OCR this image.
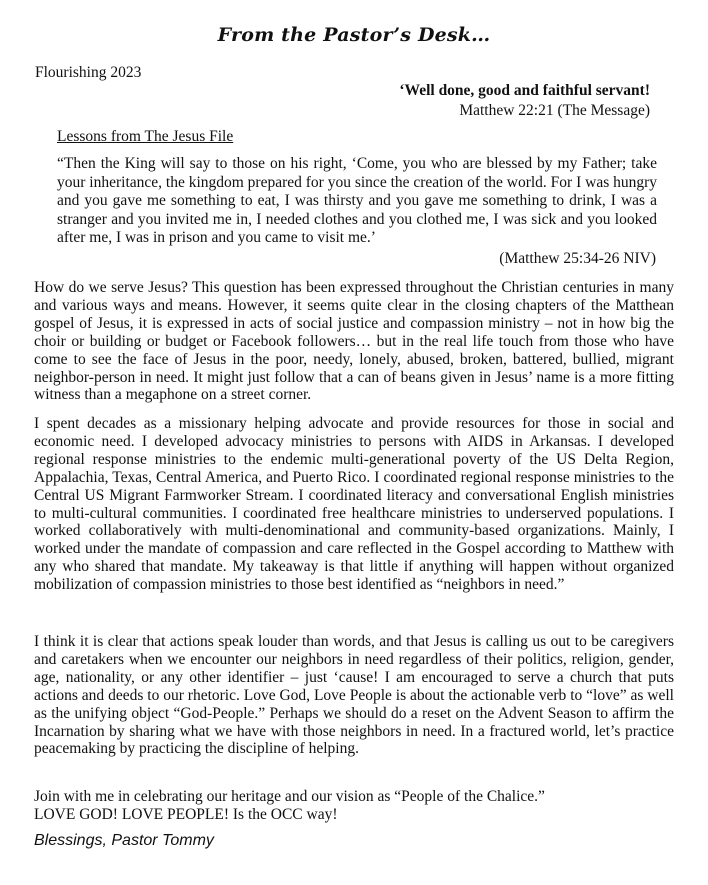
From the Pastor’s Desk…
Flourishing 2023
‘Well done, good and faithful servant!
Matthew 22:21 (The Message)
Lessons from The Jesus File
“Then the King will say to those on his right, ‘Come, you who are blessed by my Father; take your inheritance, the kingdom prepared for you since the creation of the world. For I was hungry and you gave me something to eat, I was thirsty and you gave me something to drink, I was a stranger and you invited me in, I needed clothes and you clothed me, I was sick and you looked after me, I was in prison and you came to visit me.’
(Matthew 25:34-26 NIV)

How do we serve Jesus? This question has been expressed throughout the Christian centuries in many and various ways and means. However, it seems quite clear in the closing chapters of the Matthean gospel of Jesus, it is expressed in acts of social justice and compassion ministry – not in how big the choir or building or budget or Facebook followers… but in the real life touch from those who have come to see the face of Jesus in the poor, needy, lonely, abused, broken, battered, bullied, migrant neighbor-person in need. It might just follow that a can of beans given in Jesus’ name is a more fitting witness than a megaphone on a street corner.

I spent decades as a missionary helping advocate and provide resources for those in social and economic need. I developed advocacy ministries to persons with AIDS in Arkansas. I developed regional response ministries to the endemic multi-generational poverty of the US Delta Region, Appalachia, Texas, Central America, and Puerto Rico. I coordinated regional response ministries to the Central US Migrant Farmworker Stream. I coordinated literacy and conversational English ministries to multi-cultural communities. I coordinated free healthcare ministries to underserved populations. I worked collaboratively with multi-denominational and community-based organizations. Mainly, I worked under the mandate of compassion and care reflected in the Gospel according to Matthew with any who shared that mandate. My takeaway is that little if anything will happen without organized mobilization of compassion ministries to those best identified as “neighbors in need.”

I think it is clear that actions speak louder than words, and that Jesus is calling us out to be caregivers and caretakers when we encounter our neighbors in need regardless of their politics, religion, gender, age, nationality, or any other identifier – just ‘cause! I am encouraged to serve a church that puts actions and deeds to our rhetoric. Love God, Love People is about the actionable verb to “love” as well as the unifying object “God-People.” Perhaps we should do a reset on the Advent Season to affirm the Incarnation by sharing what we have with those neighbors in need. In a fractured world, let’s practice peacemaking by practicing the discipline of helping.

Join with me in celebrating our heritage and our vision as “People of the Chalice.”
LOVE GOD! LOVE PEOPLE! Is the OCC way!
Blessings, Pastor Tommy
